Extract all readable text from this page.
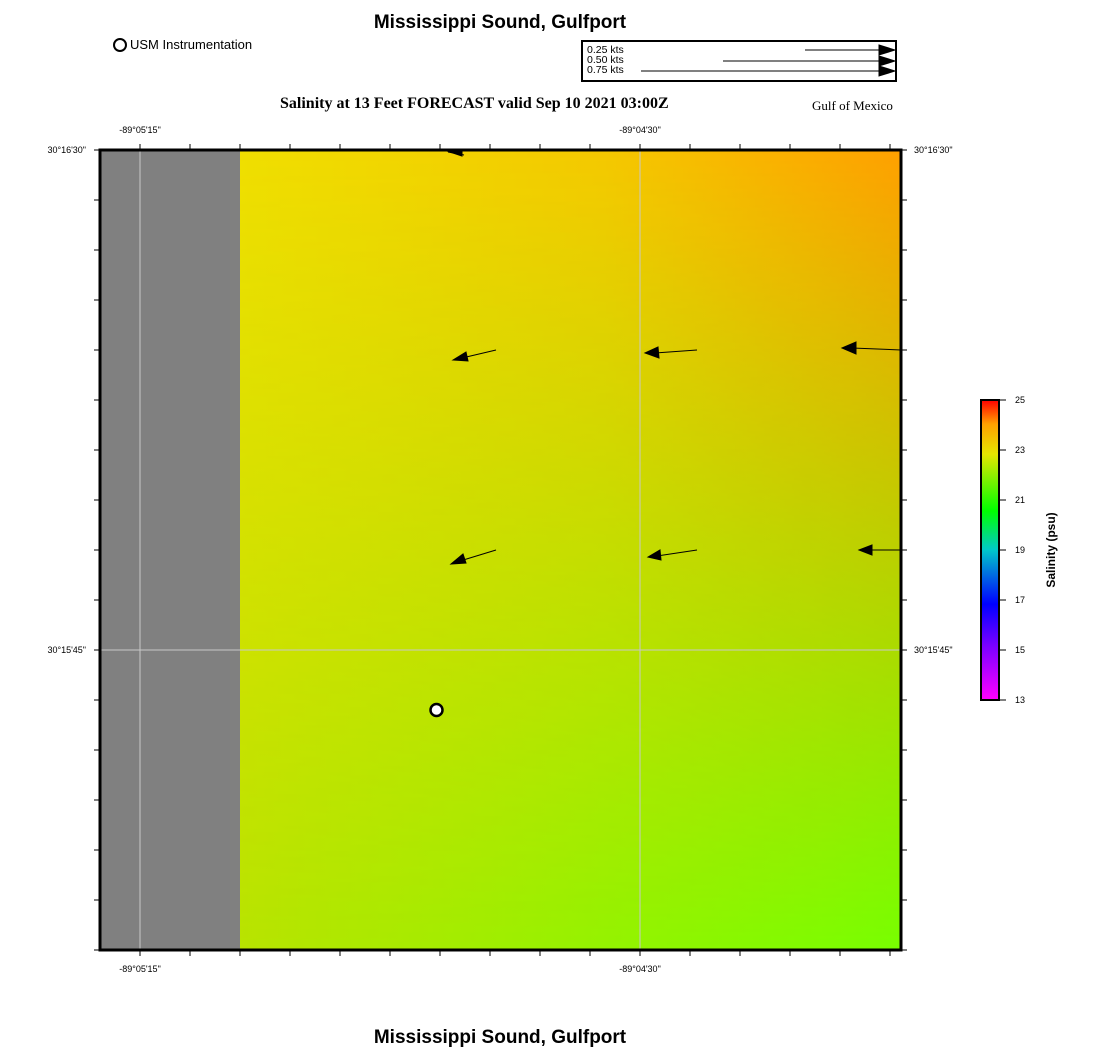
Mississippi Sound, Gulfport
USM Instrumentation	0.25 kts
0.50 kts
0.75 kts
Salinity at 13 Feet FORECAST valid Sep 10 2021 03:00Z	Gulf of Mexico
-89°05'15"	-89°04'30"
-89°05'15"	-89°04'30"
30°16'30"
30°15'45"
30°16'30"
30°15'45"
25
23
21
19
17
15
13
Salinity (psu)
Mississippi Sound, Gulfport
